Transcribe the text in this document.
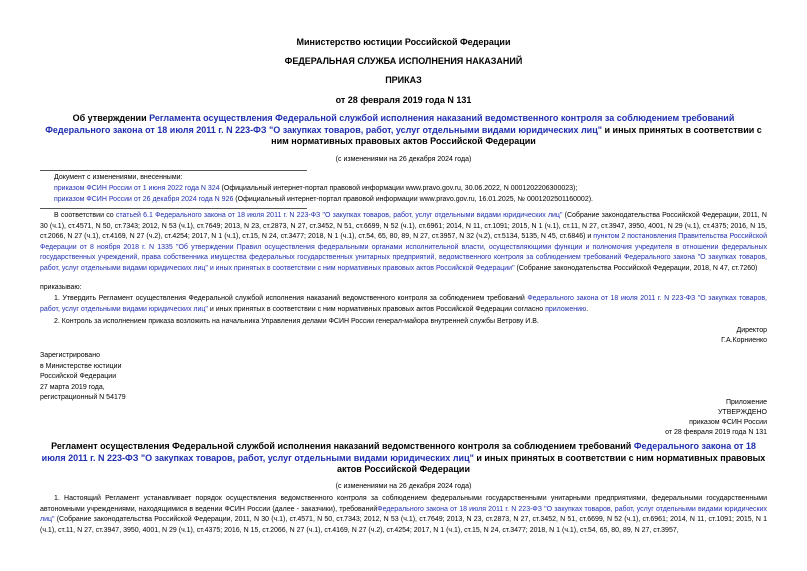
Министерство юстиции Российской Федерации
ФЕДЕРАЛЬНАЯ СЛУЖБА ИСПОЛНЕНИЯ НАКАЗАНИЙ
ПРИКАЗ
от 28 февраля 2019 года N 131
Об утверждении Регламента осуществления Федеральной службой исполнения наказаний ведомственного контроля за соблюдением требований Федерального закона от 18 июля 2011 г. N 223-ФЗ "О закупках товаров, работ, услуг отдельными видами юридических лиц" и иных принятых в соответствии с ним нормативных правовых актов Российской Федерации
(с изменениями на 26 декабря 2024 года)
Документ с изменениями, внесенными:
приказом ФСИН России от 1 июня 2022 года N 324 (Официальный интернет-портал правовой информации www.pravo.gov.ru, 30.06.2022, N 0001202206300023);
приказом ФСИН России от 26 декабря 2024 года N 926 (Официальный интернет-портал правовой информации www.pravo.gov.ru, 16.01.2025, № 0001202501160002).
В соответствии со статьей 6.1 Федерального закона от 18 июля 2011 г. N 223-ФЗ "О закупках товаров, работ, услуг отдельными видами юридических лиц" (Собрание законодательства Российской Федерации, 2011, N 30 (ч.1), ст.4571, N 50, ст.7343; 2012, N 53 (ч.1), ст.7649; 2013, N 23, ст.2873, N 27, ст.3452, N 51, ст.6699, N 52 (ч.1), ст.6961; 2014, N 11, ст.1091; 2015, N 1 (ч.1), ст.11, N 27, ст.3947, 3950, 4001, N 29 (ч.1), ст.4375; 2016, N 15, ст.2066, N 27 (ч.1), ст.4169, N 27 (ч.2), ст.4254; 2017, N 1 (ч.1), ст.15, N 24, ст.3477; 2018, N 1 (ч.1), ст.54, 65, 80, 89, N 27, ст.3957, N 32 (ч.2), ст.5134, 5135, N 45, ст.6846) и пунктом 2 постановления Правительства Российской Федерации от 8 ноября 2018 г. N 1335 "Об утверждении Правил осуществления федеральными органами исполнительной власти, осуществляющими функции и полномочия учредителя в отношении федеральных государственных учреждений, права собственника имущества федеральных государственных унитарных предприятий, ведомственного контроля за соблюдением требований Федерального закона "О закупках товаров, работ, услуг отдельными видами юридических лиц" и иных принятых в соответствии с ним нормативных правовых актов Российской Федерации" (Собрание законодательства Российской Федерации, 2018, N 47, ст.7260)
приказываю:
1. Утвердить Регламент осуществления Федеральной службой исполнения наказаний ведомственного контроля за соблюдением требований Федерального закона от 18 июля 2011 г. N 223-ФЗ "О закупках товаров, работ, услуг отдельными видами юридических лиц" и иных принятых в соответствии с ним нормативных правовых актов Российской Федерации согласно приложению.
2. Контроль за исполнением приказа возложить на начальника Управления делами ФСИН России генерал-майора внутренней службы Ветрову И.В.
Директор
Г.А.Корниенко
Зарегистрировано
в Министерстве юстиции
Российской Федерации
27 марта 2019 года,
регистрационный N 54179
Приложение
УТВЕРЖДЕНО
приказом ФСИН России
от 28 февраля 2019 года N 131
Регламент осуществления Федеральной службой исполнения наказаний ведомственного контроля за соблюдением требований Федерального закона от 18 июля 2011 г. N 223-ФЗ "О закупках товаров, работ, услуг отдельными видами юридических лиц" и иных принятых в соответствии с ним нормативных правовых актов Российской Федерации
(с изменениями на 26 декабря 2024 года)
1. Настоящий Регламент устанавливает порядок осуществления ведомственного контроля за соблюдением федеральными государственными унитарными предприятиями, федеральными государственными автономными учреждениями, находящимися в ведении ФСИН России (далее - заказчики), требованийФедерального закона от 18 июля 2011 г. N 223-ФЗ "О закупках товаров, работ, услуг отдельными видами юридических лиц" (Собрание законодательства Российской Федерации, 2011, N 30 (ч.1), ст.4571, N 50, ст.7343; 2012, N 53 (ч.1), ст.7649; 2013, N 23, ст.2873, N 27, ст.3452, N 51, ст.6699, N 52 (ч.1), ст.6961; 2014, N 11, ст.1091; 2015, N 1 (ч.1), ст.11, N 27, ст.3947, 3950, 4001, N 29 (ч.1), ст.4375; 2016, N 15, ст.2066, N 27 (ч.1), ст.4169, N 27 (ч.2), ст.4254; 2017, N 1 (ч.1), ст.15, N 24, ст.3477; 2018, N 1 (ч.1), ст.54, 65, 80, 89, N 27, ст.3957,
